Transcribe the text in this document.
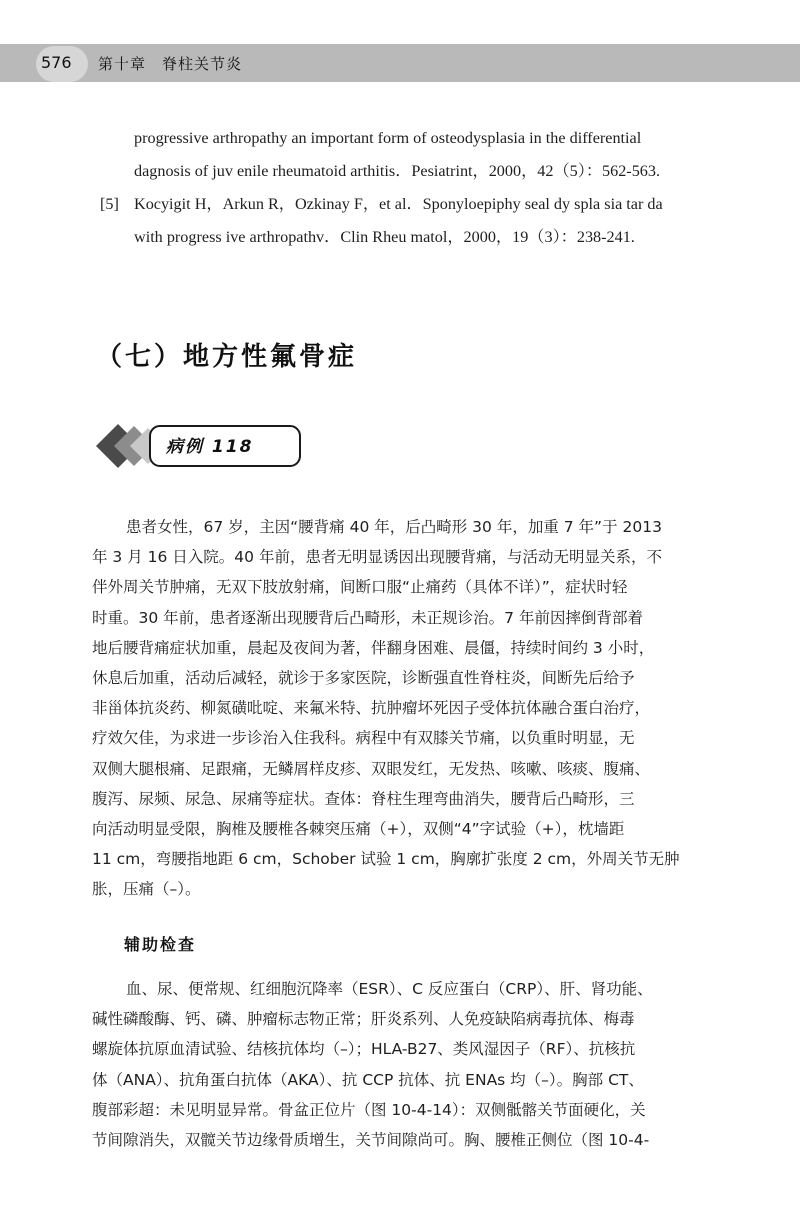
576 第十章　脊柱关节炎
progressive arthropathy an important form of osteodysplasia in the differential
dagnosis of juv enile rheumatoid arthitis．Pesiatrint，2000，42（5）：562-563.
[5] Kocyigit H，Arkun R，Ozkinay F，et al．Sponyloepiphy seal dy spla sia tar da
with progress ive arthropathv．Clin Rheu matol，2000，19（3）：238-241.
（七）地方性氟骨症
病例 118
患者女性，67 岁，主因“腰背痛 40 年，后凸畸形 30 年，加重 7 年”于 2013
年 3 月 16 日入院。40 年前，患者无明显诱因出现腰背痛，与活动无明显关系，不
伴外周关节肿痛，无双下肢放射痛，间断口服“止痛药（具体不详）”，症状时轻
时重。30 年前，患者逐渐出现腰背后凸畸形，未正规诊治。7 年前因摔倒背部着
地后腰背痛症状加重，晨起及夜间为著，伴翻身困难、晨僵，持续时间约 3 小时，
休息后加重，活动后减轻，就诊于多家医院，诊断强直性脊柱炎，间断先后给予
非甾体抗炎药、柳氮磺吡啶、来氟米特、抗肿瘤坏死因子受体抗体融合蛋白治疗，
疗效欠佳，为求进一步诊治入住我科。病程中有双膝关节痛，以负重时明显，无
双侧大腿根痛、足跟痛，无鳞屑样皮疹、双眼发红，无发热、咳嗽、咳痰、腹痛、
腹泻、尿频、尿急、尿痛等症状。查体：脊柱生理弯曲消失，腰背后凸畸形，三
向活动明显受限，胸椎及腰椎各棘突压痛（+），双侧“4”字试验（+），枕墙距
11 cm，弯腰指地距 6 cm，Schober 试验 1 cm，胸廓扩张度 2 cm，外周关节无肿
胀，压痛（–）。
辅助检查
血、尿、便常规、红细胞沉降率（ESR）、C 反应蛋白（CRP）、肝、肾功能、
碱性磷酸酶、钙、磷、肿瘤标志物正常；肝炎系列、人免疫缺陷病毒抗体、梅毒
螺旋体抗原血清试验、结核抗体均（–）；HLA-B27、类风湿因子（RF）、抗核抗
体（ANA）、抗角蛋白抗体（AKA）、抗 CCP 抗体、抗 ENAs 均（–）。胸部 CT、
腹部彩超：未见明显异常。骨盆正位片（图 10-4-14）：双侧骶髂关节面硬化，关
节间隙消失，双髋关节边缘骨质增生，关节间隙尚可。胸、腰椎正侧位（图 10-4-
